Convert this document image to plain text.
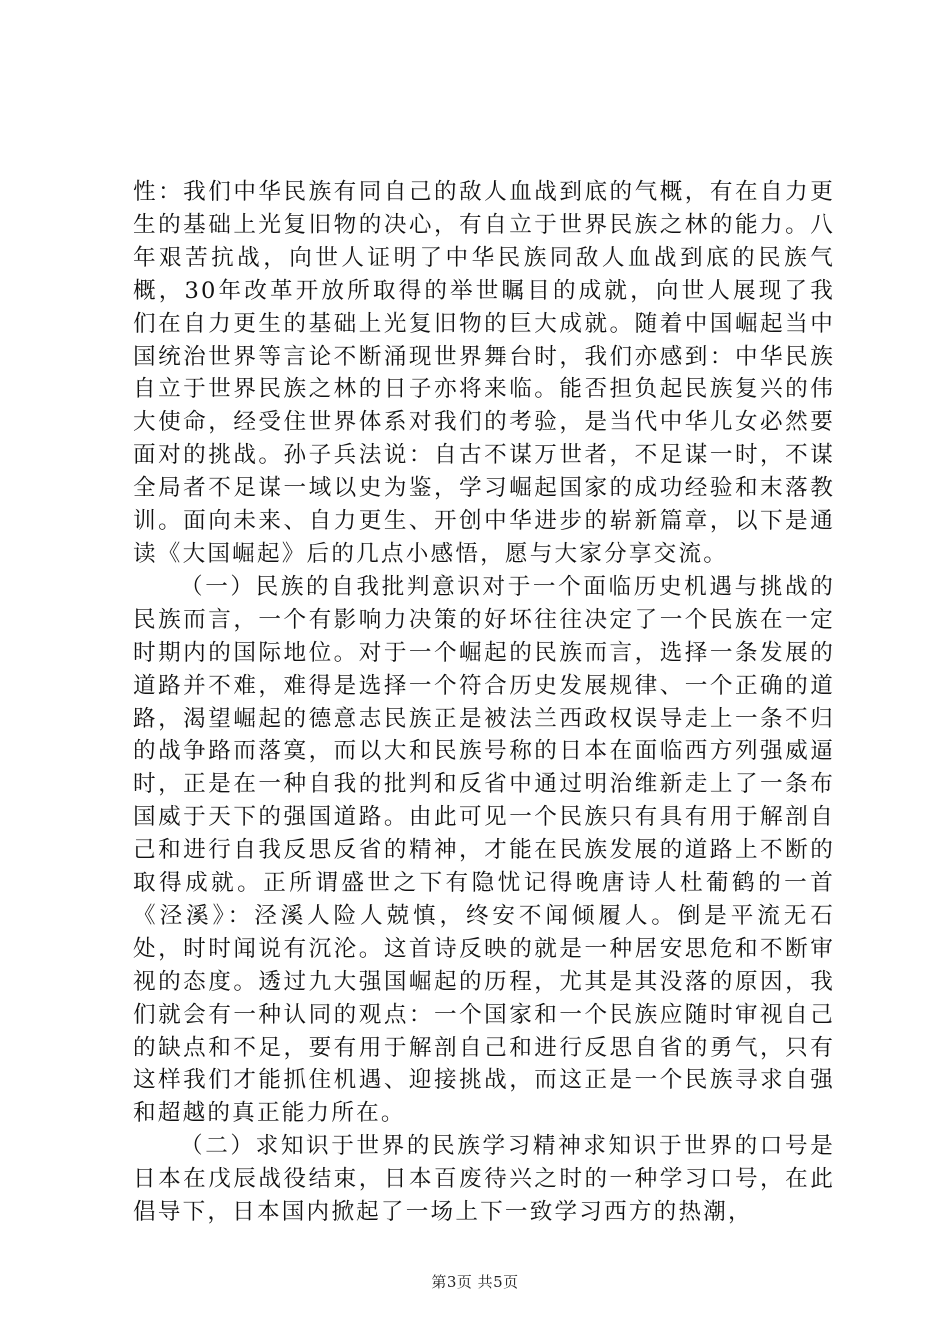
性：我们中华民族有同自己的敌人血战到底的气概，有在自力更生的基础上光复旧物的决心，有自立于世界民族之林的能力。八年艰苦抗战，向世人证明了中华民族同敌人血战到底的民族气概，30年改革开放所取得的举世瞩目的成就，向世人展现了我们在自力更生的基础上光复旧物的巨大成就。随着中国崛起当中国统治世界等言论不断涌现世界舞台时，我们亦感到：中华民族自立于世界民族之林的日子亦将来临。能否担负起民族复兴的伟大使命，经受住世界体系对我们的考验，是当代中华儿女必然要面对的挑战。孙子兵法说：自古不谋万世者，不足谋一时，不谋全局者不足谋一域以史为鉴，学习崛起国家的成功经验和末落教训。面向未来、自力更生、开创中华进步的崭新篇章，以下是通读《大国崛起》后的几点小感悟，愿与大家分享交流。

（一）民族的自我批判意识对于一个面临历史机遇与挑战的民族而言，一个有影响力决策的好坏往往决定了一个民族在一定时期内的国际地位。对于一个崛起的民族而言，选择一条发展的道路并不难，难得是选择一个符合历史发展规律、一个正确的道路，渴望崛起的德意志民族正是被法兰西政权误导走上一条不归的战争路而落寞，而以大和民族号称的日本在面临西方列强威逼时，正是在一种自我的批判和反省中通过明治维新走上了一条布国威于天下的强国道路。由此可见一个民族只有具有用于解剖自己和进行自我反思反省的精神，才能在民族发展的道路上不断的取得成就。正所谓盛世之下有隐忧记得晚唐诗人杜葡鹤的一首《泾溪》：泾溪人险人兢慎，终安不闻倾履人。倒是平流无石处，时时闻说有沉沦。这首诗反映的就是一种居安思危和不断审视的态度。透过九大强国崛起的历程，尤其是其没落的原因，我们就会有一种认同的观点：一个国家和一个民族应随时审视自己的缺点和不足，要有用于解剖自己和进行反思自省的勇气，只有这样我们才能抓住机遇、迎接挑战，而这正是一个民族寻求自强和超越的真正能力所在。

（二）求知识于世界的民族学习精神求知识于世界的口号是日本在戊辰战役结束，日本百废待兴之时的一种学习口号，在此倡导下，日本国内掀起了一场上下一致学习西方的热潮，

第3页 共5页
